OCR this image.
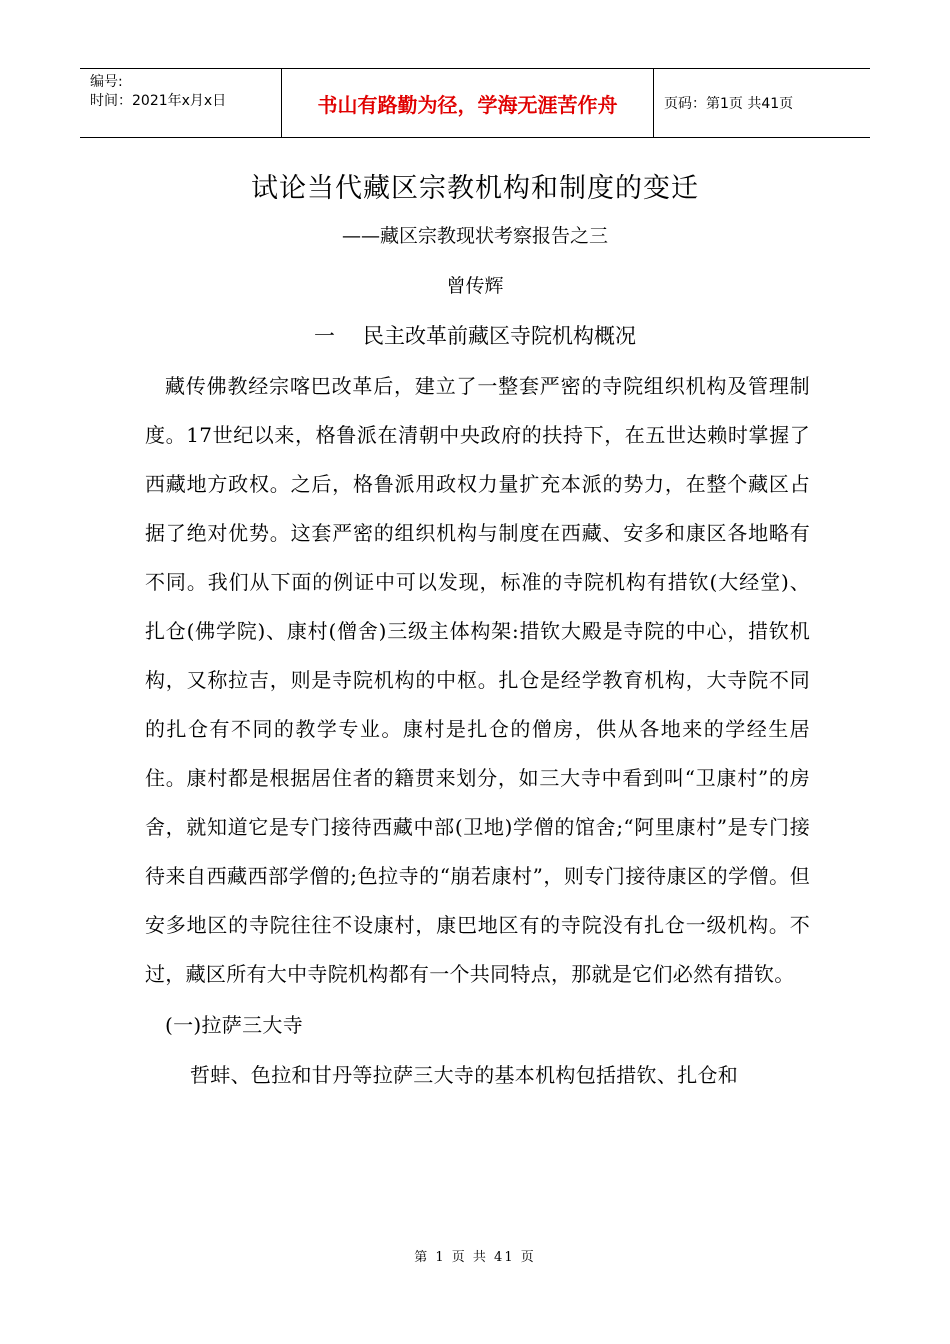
编号:
时间：2021年x月x日	书山有路勤为径，学海无涯苦作舟	页码：第1页 共41页
试论当代藏区宗教机构和制度的变迁
——藏区宗教现状考察报告之三
曾传辉
一 民主改革前藏区寺院机构概况

藏传佛教经宗喀巴改革后，建立了一整套严密的寺院组织机构及管理制度。17世纪以来，格鲁派在清朝中央政府的扶持下，在五世达赖时掌握了西藏地方政权。之后，格鲁派用政权力量扩充本派的势力，在整个藏区占据了绝对优势。这套严密的组织机构与制度在西藏、安多和康区各地略有不同。我们从下面的例证中可以发现，标准的寺院机构有措钦(大经堂)、扎仓(佛学院)、康村(僧舍)三级主体构架:措钦大殿是寺院的中心，措钦机构，又称拉吉，则是寺院机构的中枢。扎仓是经学教育机构，大寺院不同的扎仓有不同的教学专业。康村是扎仓的僧房，供从各地来的学经生居住。康村都是根据居住者的籍贯来划分，如三大寺中看到叫“卫康村”的房舍，就知道它是专门接待西藏中部(卫地)学僧的馆舍;“阿里康村”是专门接待来自西藏西部学僧的;色拉寺的“崩若康村”，则专门接待康区的学僧。但安多地区的寺院往往不设康村，康巴地区有的寺院没有扎仓一级机构。不过，藏区所有大中寺院机构都有一个共同特点，那就是它们必然有措钦。

(一)拉萨三大寺

哲蚌、色拉和甘丹等拉萨三大寺的基本机构包括措钦、扎仓和

第 1 页 共 41 页
